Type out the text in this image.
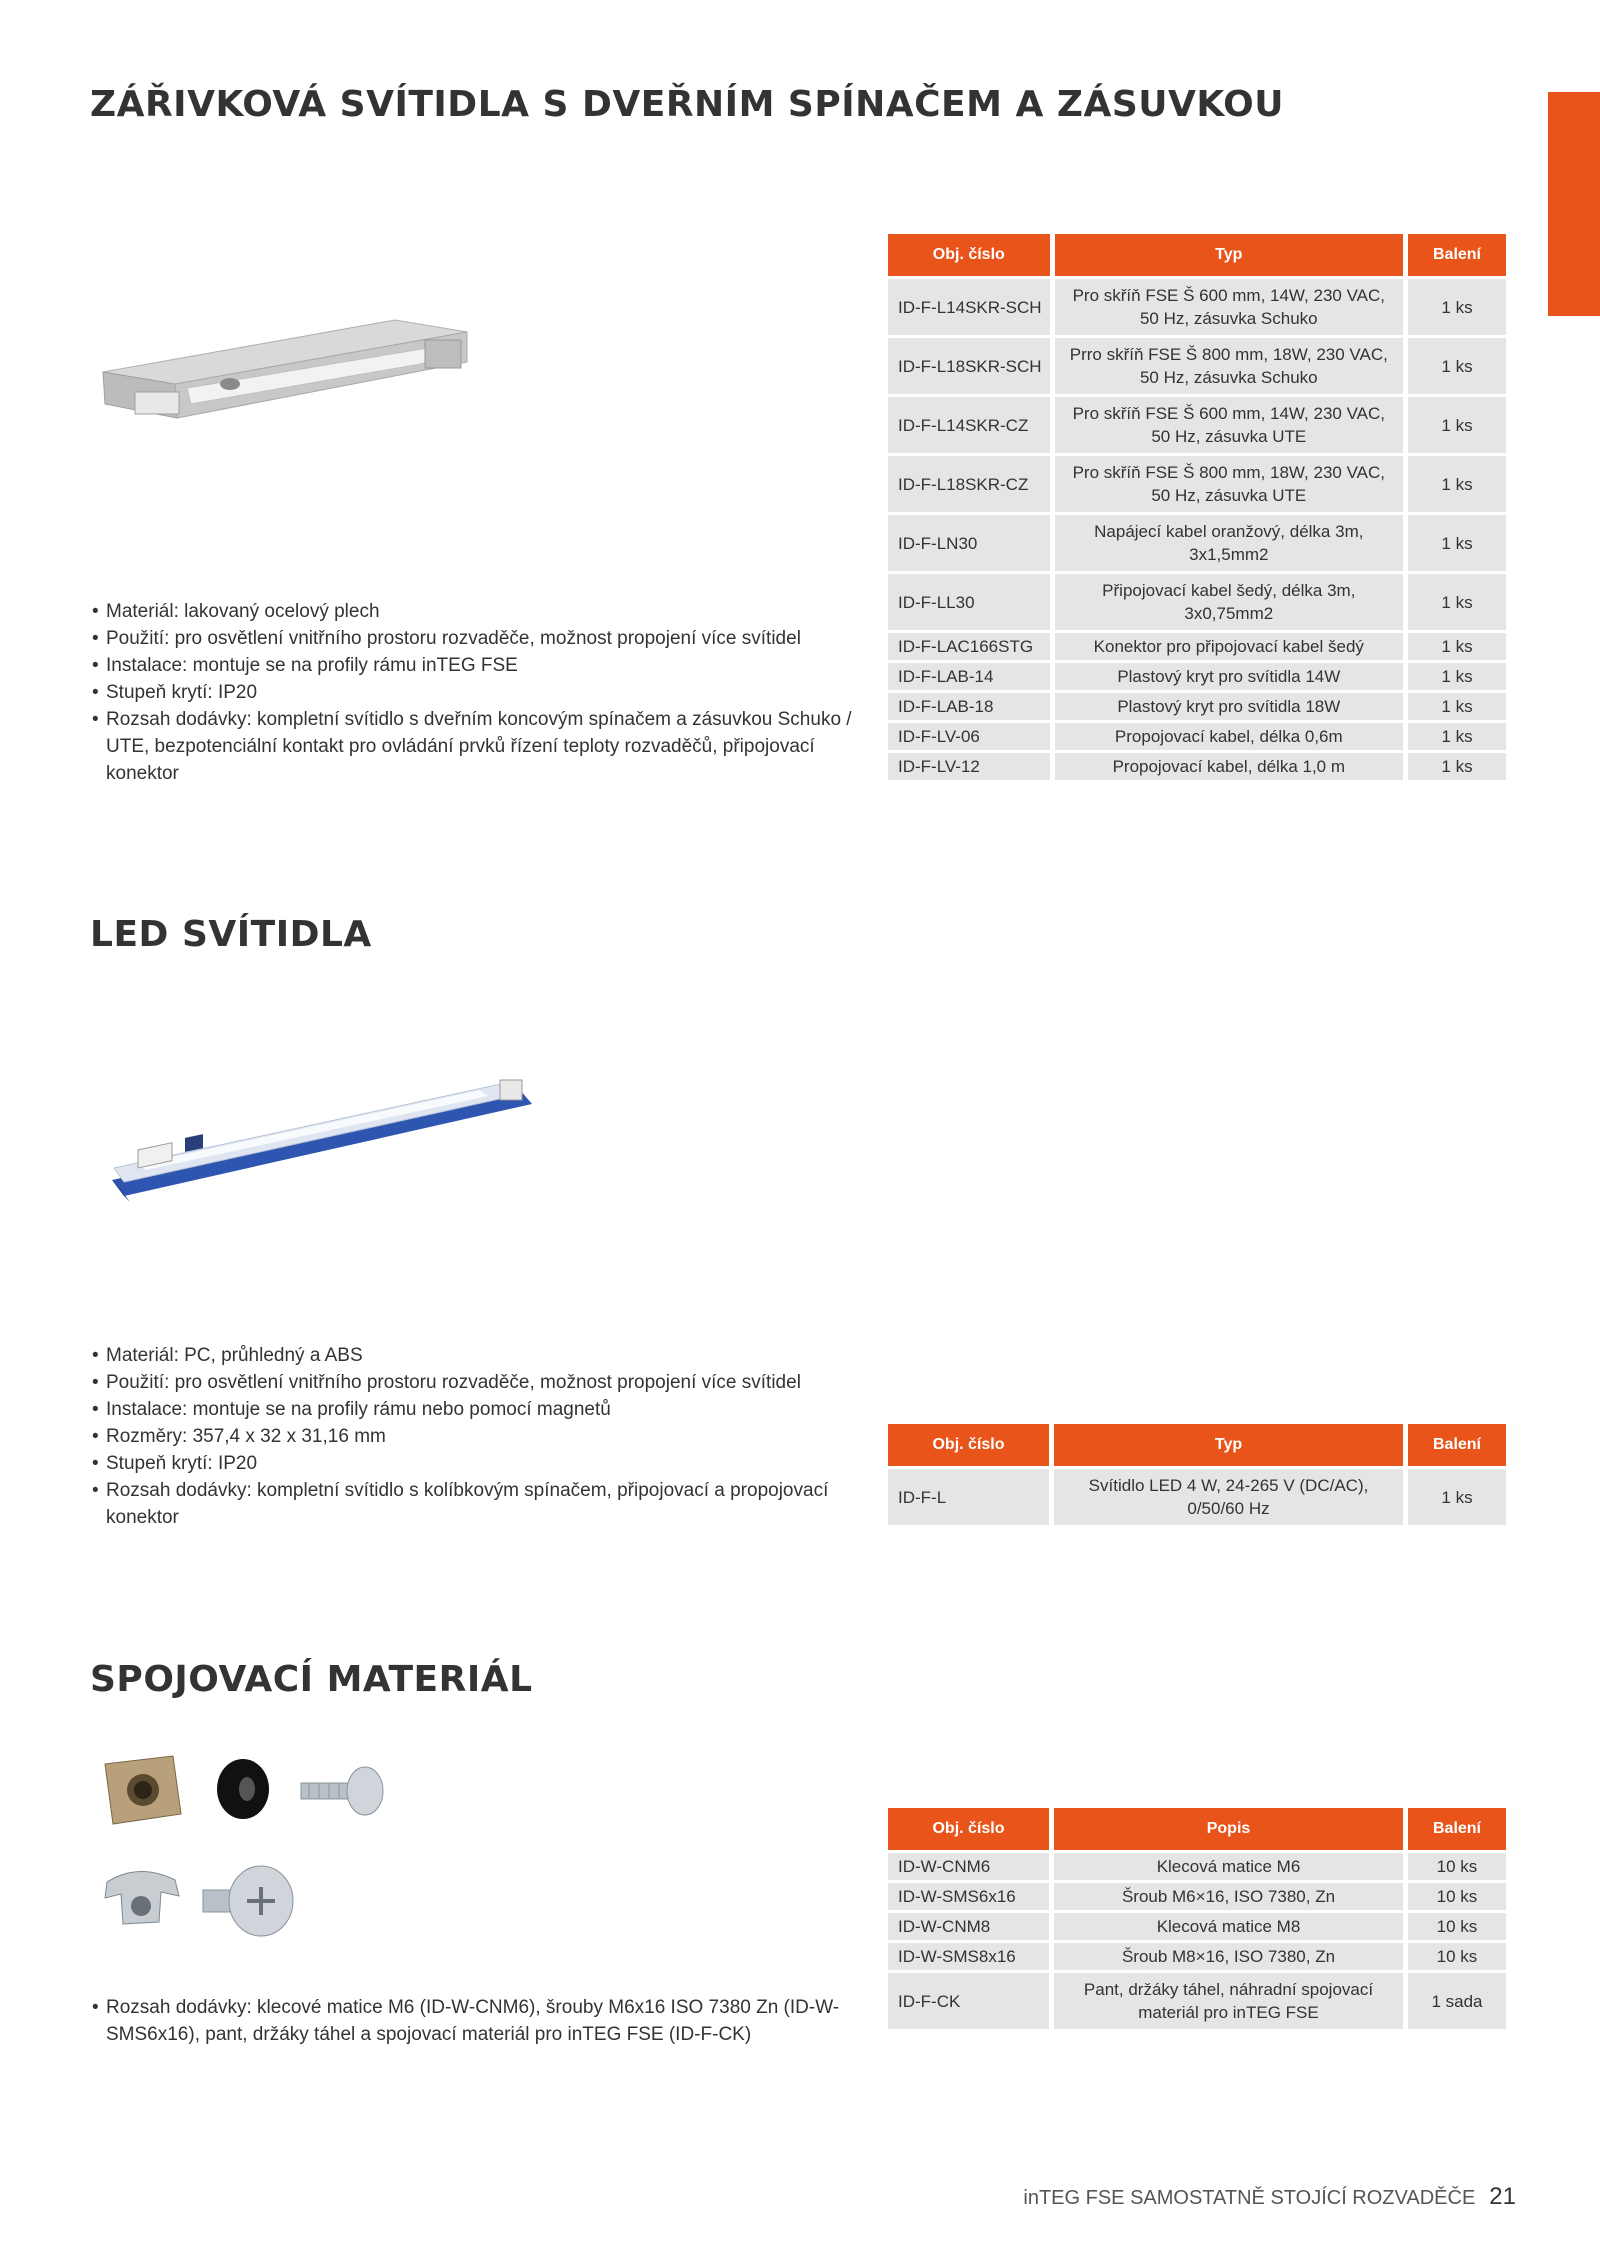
ZÁŘIVKOVÁ SVÍTIDLA S DVEŘNÍM SPÍNAČEM A ZÁSUVKOU
• Materiál: lakovaný ocelový plech
• Použití: pro osvětlení vnitřního prostoru rozvaděče, možnost propojení více svítidel
• Instalace: montuje se na profily rámu inTEG FSE
• Stupeň krytí: IP20
• Rozsah dodávky: kompletní svítidlo s dveřním koncovým spínačem a zásuvkou Schuko / UTE, bezpotenciální kontakt pro ovládání prvků řízení teploty rozvaděčů, připojovací konektor
Obj. číslo	Typ	Balení
ID-F-L14SKR-SCH	Pro skříň FSE Š 600 mm, 14W, 230 VAC, 50 Hz, zásuvka Schuko	1 ks
ID-F-L18SKR-SCH	Prro skříň FSE Š 800 mm, 18W, 230 VAC, 50 Hz, zásuvka Schuko	1 ks
ID-F-L14SKR-CZ	Pro skříň FSE Š 600 mm, 14W, 230 VAC, 50 Hz, zásuvka UTE	1 ks
ID-F-L18SKR-CZ	Pro skříň FSE Š 800 mm, 18W, 230 VAC, 50 Hz, zásuvka UTE	1 ks
ID-F-LN30	Napájecí kabel oranžový, délka 3m, 3x1,5mm2	1 ks
ID-F-LL30	Připojovací kabel šedý, délka 3m, 3x0,75mm2	1 ks
ID-F-LAC166STG	Konektor pro připojovací kabel šedý	1 ks
ID-F-LAB-14	Plastový kryt pro svítidla 14W	1 ks
ID-F-LAB-18	Plastový kryt pro svítidla 18W	1 ks
ID-F-LV-06	Propojovací kabel, délka 0,6m	1 ks
ID-F-LV-12	Propojovací kabel, délka 1,0 m	1 ks
LED SVÍTIDLA
• Materiál: PC, průhledný a ABS
• Použití: pro osvětlení vnitřního prostoru rozvaděče, možnost propojení více svítidel
• Instalace: montuje se na profily rámu nebo pomocí magnetů
• Rozměry: 357,4 x 32 x 31,16 mm
• Stupeň krytí: IP20
• Rozsah dodávky: kompletní svítidlo s kolíbkovým spínačem, připojovací a propojovací konektor
Obj. číslo	Typ	Balení
ID-F-L	Svítidlo LED 4 W, 24-265 V (DC/AC), 0/50/60 Hz	1 ks
SPOJOVACÍ MATERIÁL
• Rozsah dodávky: klecové matice M6 (ID-W-CNM6), šrouby M6x16 ISO 7380 Zn (ID-W-SMS6x16), pant, držáky táhel a spojovací materiál pro inTEG FSE (ID-F-CK)
Obj. číslo	Popis	Balení
ID-W-CNM6	Klecová matice M6	10 ks
ID-W-SMS6x16	Šroub M6×16, ISO 7380, Zn	10 ks
ID-W-CNM8	Klecová matice M8	10 ks
ID-W-SMS8x16	Šroub M8×16, ISO 7380, Zn	10 ks
ID-F-CK	Pant, držáky táhel, náhradní spojovací materiál pro inTEG FSE	1 sada
inTEG FSE SAMOSTATNĚ STOJÍCÍ ROZVADĚČE 21
